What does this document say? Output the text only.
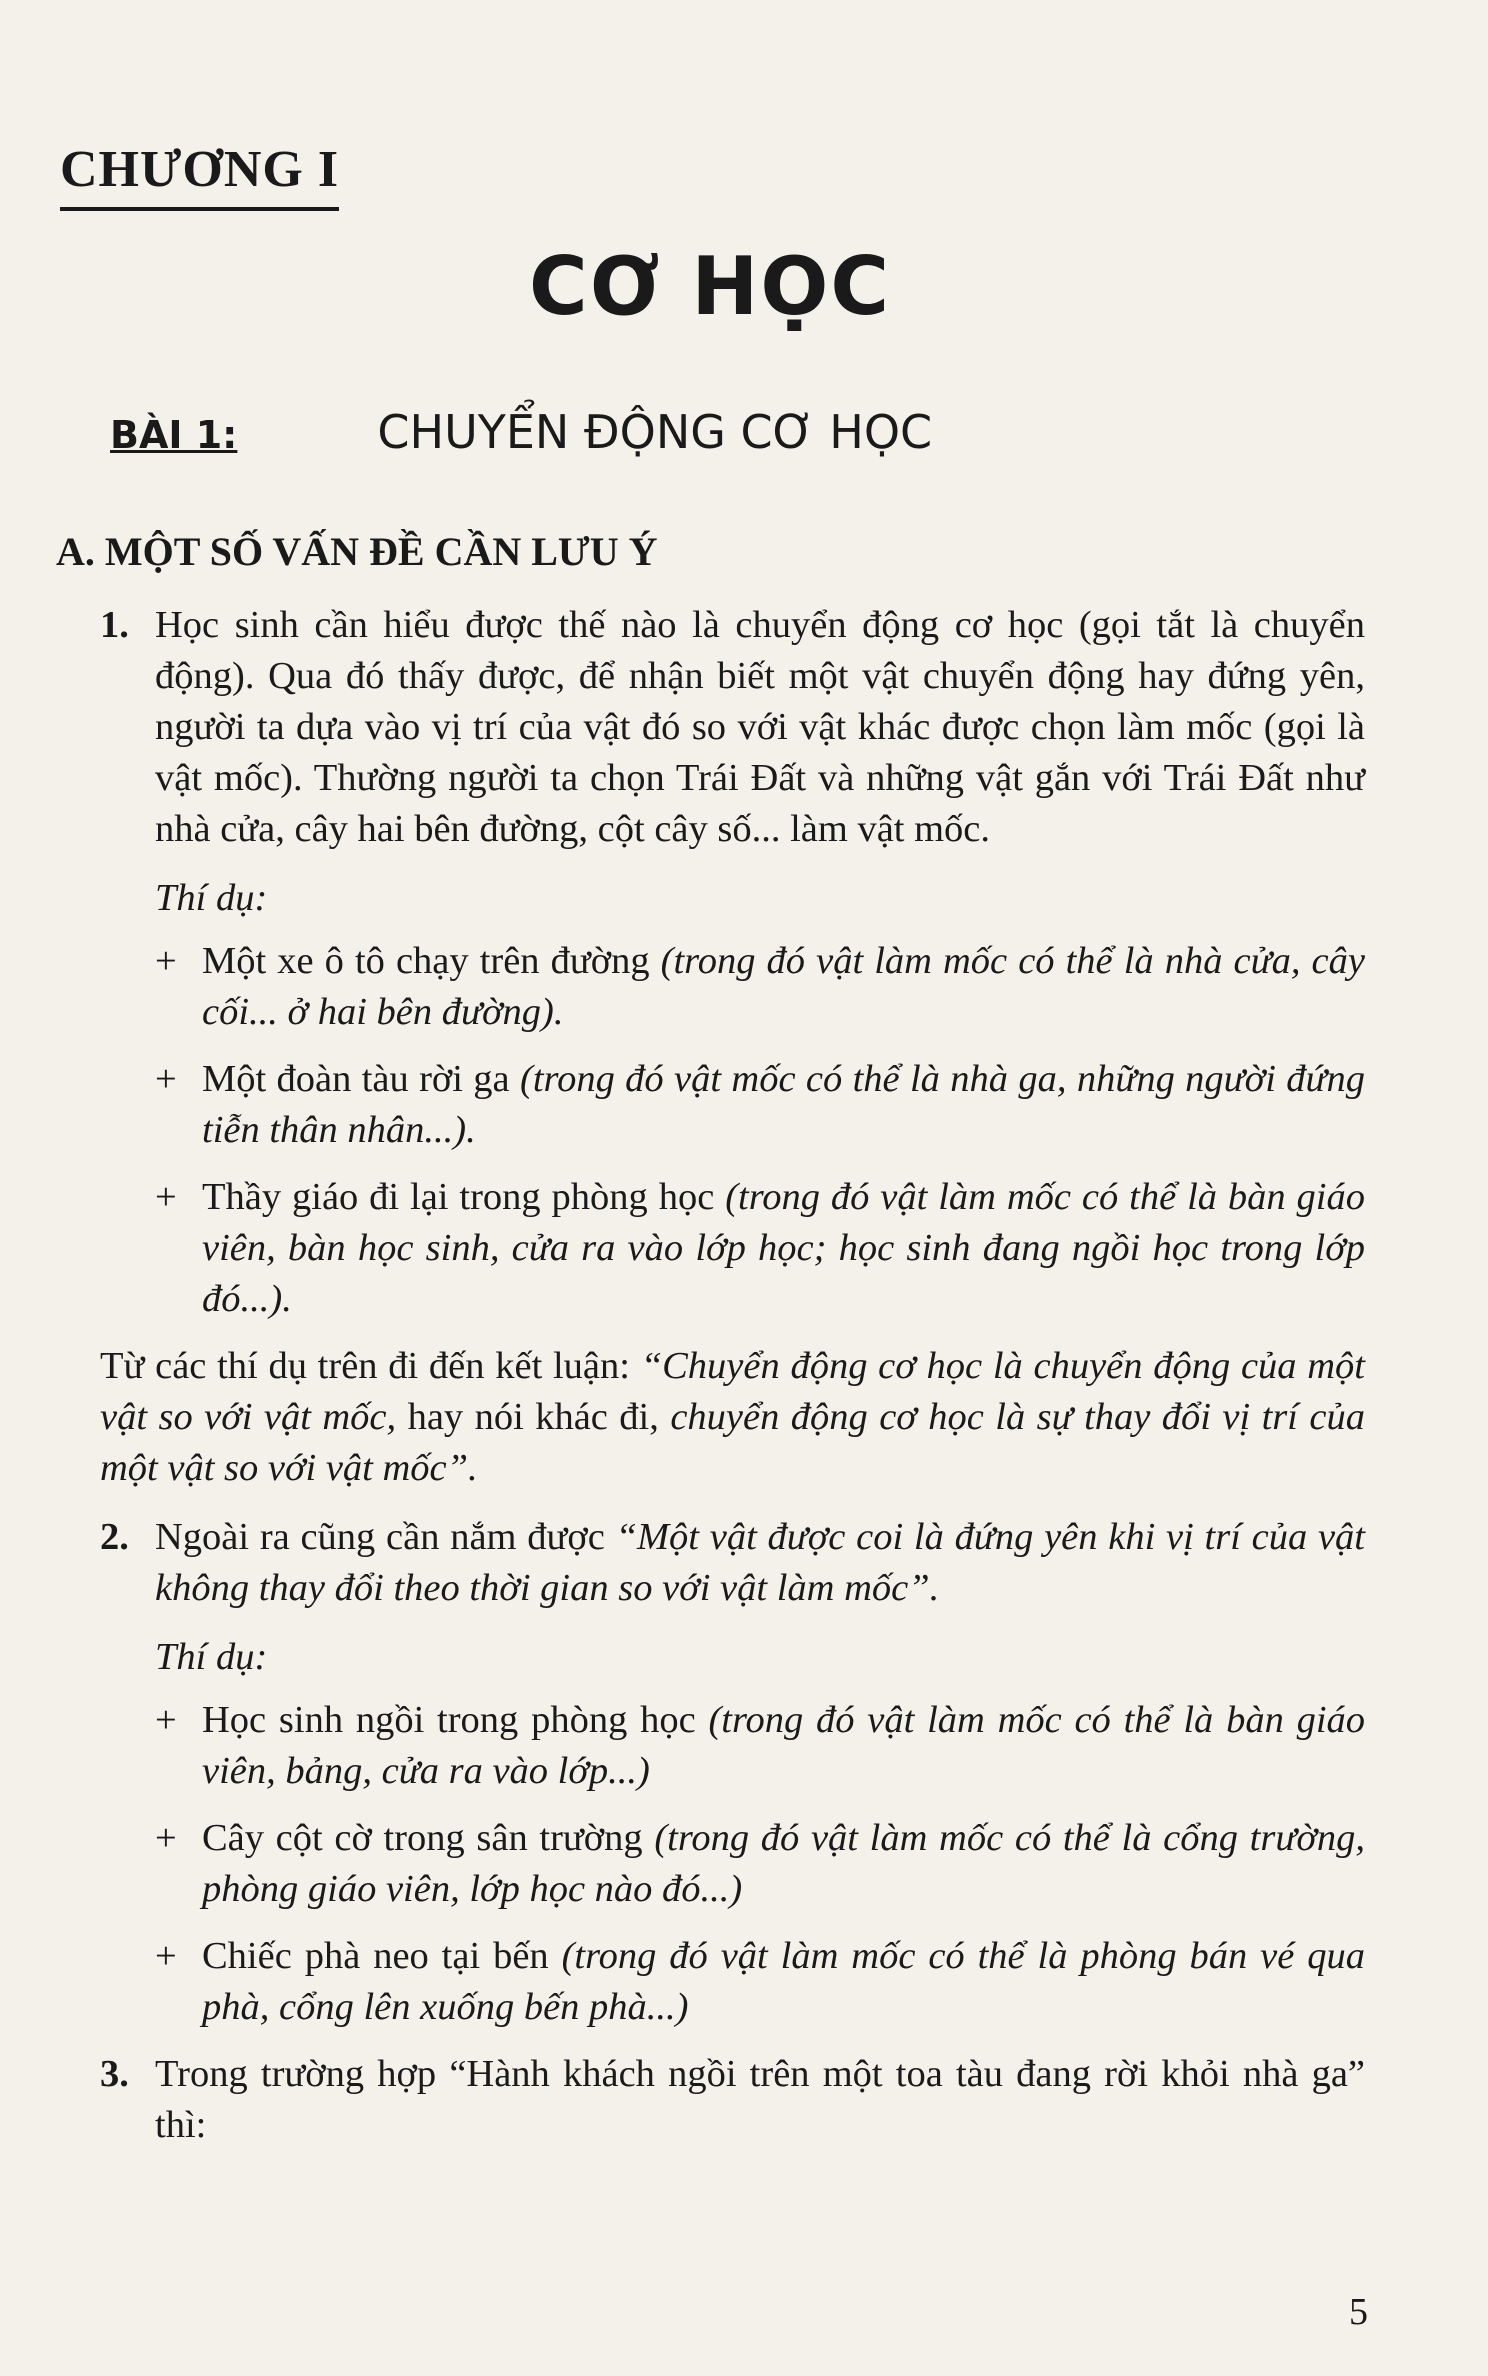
CHƯƠNG I
CƠ HỌC
BÀI 1:	CHUYỂN ĐỘNG CƠ HỌC
A. MỘT SỐ VẤN ĐỀ CẦN LƯU Ý
1. Học sinh cần hiểu được thế nào là chuyển động cơ học (gọi tắt là chuyển động). Qua đó thấy được, để nhận biết một vật chuyển động hay đứng yên, người ta dựa vào vị trí của vật đó so với vật khác được chọn làm mốc (gọi là vật mốc). Thường người ta chọn Trái Đất và những vật gắn với Trái Đất như nhà cửa, cây hai bên đường, cột cây số... làm vật mốc.
Thí dụ:
+ Một xe ô tô chạy trên đường (trong đó vật làm mốc có thể là nhà cửa, cây cối... ở hai bên đường).
+ Một đoàn tàu rời ga (trong đó vật mốc có thể là nhà ga, những người đứng tiễn thân nhân...).
+ Thầy giáo đi lại trong phòng học (trong đó vật làm mốc có thể là bàn giáo viên, bàn học sinh, cửa ra vào lớp học; học sinh đang ngồi học trong lớp đó...).
Từ các thí dụ trên đi đến kết luận: “Chuyển động cơ học là chuyển động của một vật so với vật mốc, hay nói khác đi, chuyển động cơ học là sự thay đổi vị trí của một vật so với vật mốc”.
2. Ngoài ra cũng cần nắm được “Một vật được coi là đứng yên khi vị trí của vật không thay đổi theo thời gian so với vật làm mốc”.
Thí dụ:
+ Học sinh ngồi trong phòng học (trong đó vật làm mốc có thể là bàn giáo viên, bảng, cửa ra vào lớp...)
+ Cây cột cờ trong sân trường (trong đó vật làm mốc có thể là cổng trường, phòng giáo viên, lớp học nào đó...)
+ Chiếc phà neo tại bến (trong đó vật làm mốc có thể là phòng bán vé qua phà, cổng lên xuống bến phà...)
3. Trong trường hợp “Hành khách ngồi trên một toa tàu đang rời khỏi nhà ga” thì:
5
